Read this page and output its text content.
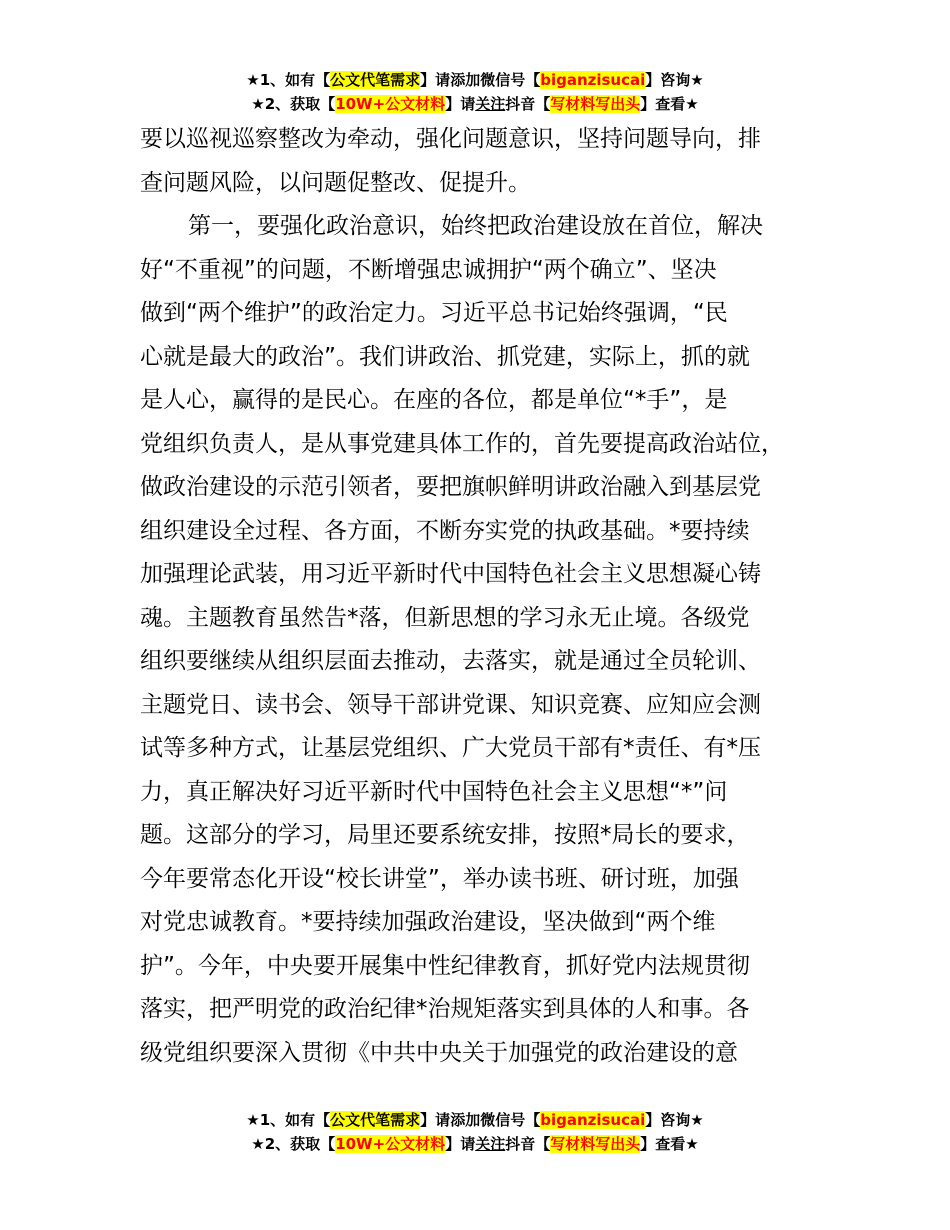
★1、如有【公文代笔需求】请添加微信号【biganzisucai】咨询★
★2、获取【10W+公文材料】请关注抖音【写材料写出头】查看★

要以巡视巡察整改为牵动，强化问题意识，坚持问题导向，排
查问题风险，以问题促整改、促提升。

第一，要强化政治意识，始终把政治建设放在首位，解决
好“不重视”的问题，不断增强忠诚拥护“两个确立”、坚决
做到“两个维护”的政治定力。习近平总书记始终强调，“民
心就是最大的政治”。我们讲政治、抓党建，实际上，抓的就
是人心，赢得的是民心。在座的各位，都是单位“*手”，是
党组织负责人，是从事党建具体工作的，首先要提高政治站位，
做政治建设的示范引领者，要把旗帜鲜明讲政治融入到基层党
组织建设全过程、各方面，不断夯实党的执政基础。*要持续
加强理论武装，用习近平新时代中国特色社会主义思想凝心铸
魂。主题教育虽然告*落，但新思想的学习永无止境。各级党
组织要继续从组织层面去推动，去落实，就是通过全员轮训、
主题党日、读书会、领导干部讲党课、知识竞赛、应知应会测
试等多种方式，让基层党组织、广大党员干部有*责任、有*压
力，真正解决好习近平新时代中国特色社会主义思想“*”问
题。这部分的学习，局里还要系统安排，按照*局长的要求，
今年要常态化开设“校长讲堂”，举办读书班、研讨班，加强
对党忠诚教育。*要持续加强政治建设，坚决做到“两个维
护”。今年，中央要开展集中性纪律教育，抓好党内法规贯彻
落实，把严明党的政治纪律*治规矩落实到具体的人和事。各
级党组织要深入贯彻《中共中央关于加强党的政治建设的意

★1、如有【公文代笔需求】请添加微信号【biganzisucai】咨询★
★2、获取【10W+公文材料】请关注抖音【写材料写出头】查看★
